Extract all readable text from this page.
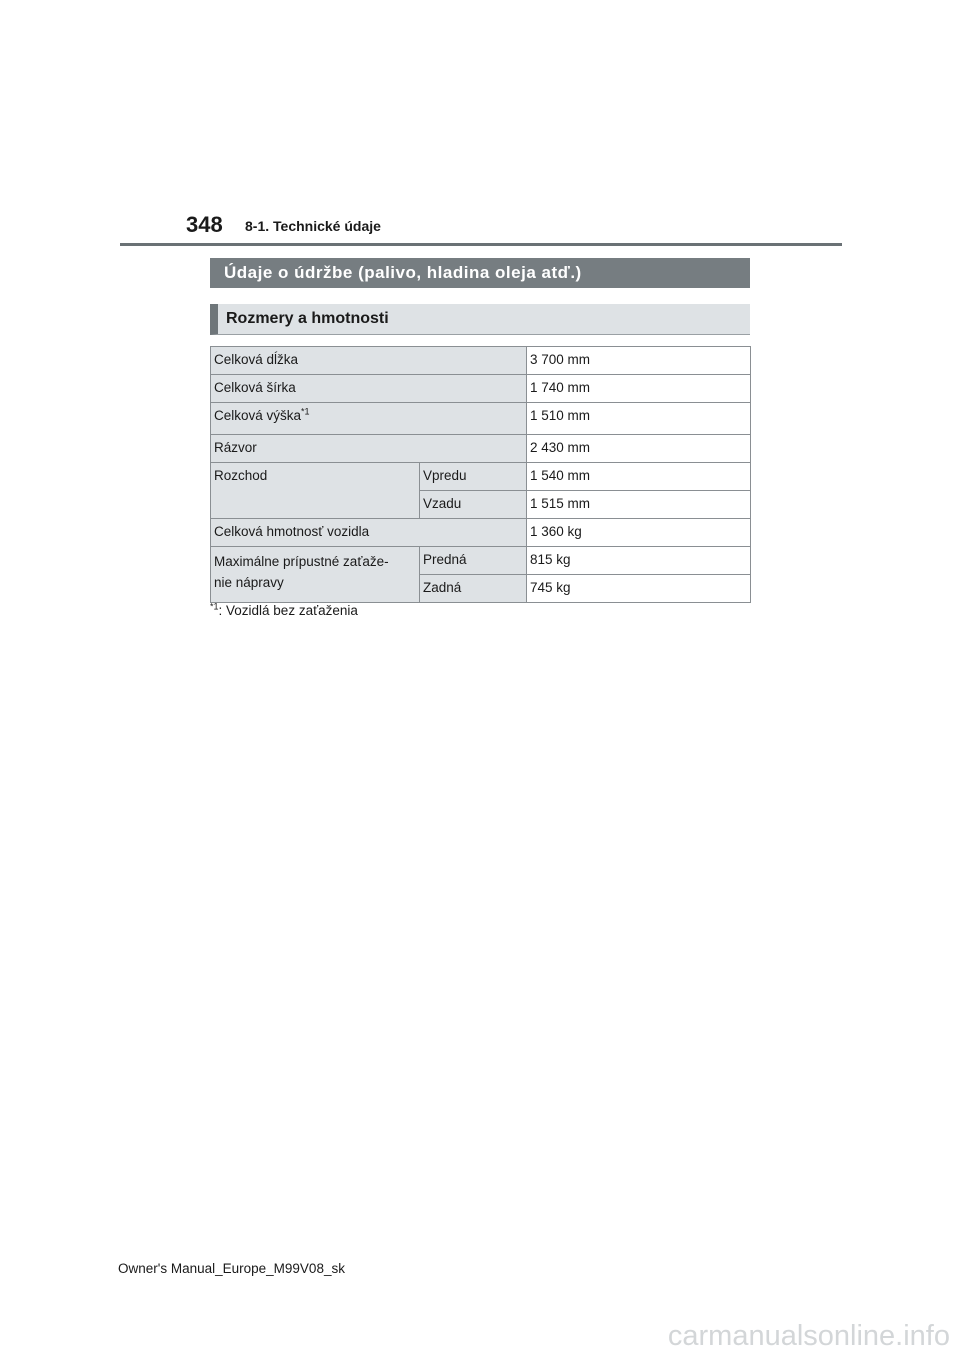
348 8-1. Technické údaje
Údaje o údržbe (palivo, hladina oleja atď.)
Rozmery a hmotnosti
Celková dĺžka		3 700 mm
Celková šírka		1 740 mm
Celková výška$^{*1}$		1 510 mm
Rázvor		2 430 mm
Rozchod	Vpredu	1 540 mm
	Vzadu	1 515 mm
Celková hmotnosť vozidla		1 360 kg
Maximálne prípustné zaťaže-
nie nápravy	Predná	815 kg
	Zadná	745 kg
$^{*1}$: Vozidlá bez zaťaženia
Owner's Manual_Europe_M99V08_sk
carmanualsonline.info
